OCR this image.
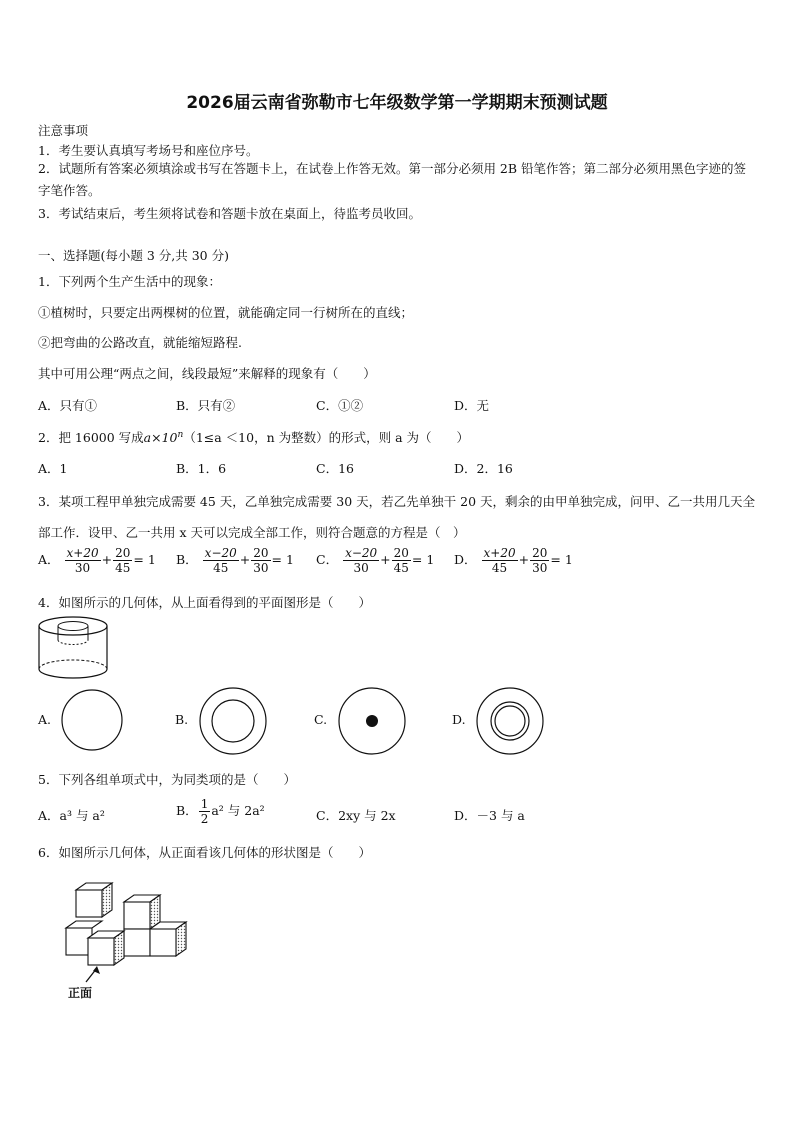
2026届云南省弥勒市七年级数学第一学期期末预测试题
注意事项
1．考生要认真填写考场号和座位序号。
2．试题所有答案必须填涂或书写在答题卡上，在试卷上作答无效。第一部分必须用 2B 铅笔作答；第二部分必须用黑色字迹的签字笔作答。
3．考试结束后，考生须将试卷和答题卡放在桌面上，待监考员收回。
一、选择题(每小题 3 分,共 30 分)
1．下列两个生产生活中的现象：
①植树时，只要定出两棵树的位置，就能确定同一行树所在的直线；
②把弯曲的公路改直，就能缩短路程.
其中可用公理“两点之间，线段最短”来解释的现象有（　　）
A．只有①	B．只有②	C．①②	D．无
2．把 16000 写成$a\times 10^n(1\le a <10$，n 为整数）的形式，则 a 为（　　）
A．1	B．1．6	C．16	D．2．16
3．某项工程甲单独完成需要 45 天，乙单独完成需要 30 天，若乙先单独干 20 天，剩余的由甲单独完成，问甲、乙一共用几天全部工作．设甲、乙一共用 x 天可以完成全部工作，则符合题意的方程是（　）
A． $\frac{x+20}{30} + \frac{20}{45} = 1$ B． $\frac{x-20}{45} + \frac{20}{30} = 1$ C． $\frac{x-20}{30} + \frac{20}{45} = 1$ D． $\frac{x+20}{45} + \frac{20}{30} = 1$
4．如图所示的几何体，从上面看得到的平面图形是（　　）
A.	B.	C.	D.
5．下列各组单项式中，为同类项的是（　　）
A．a³ 与 a²	B． $\frac{1}{2} a^2$ 与 2a²	C．2xy 与 2x	D．－3 与 a
6．如图所示几何体，从正面看该几何体的形状图是（　　）
正面
